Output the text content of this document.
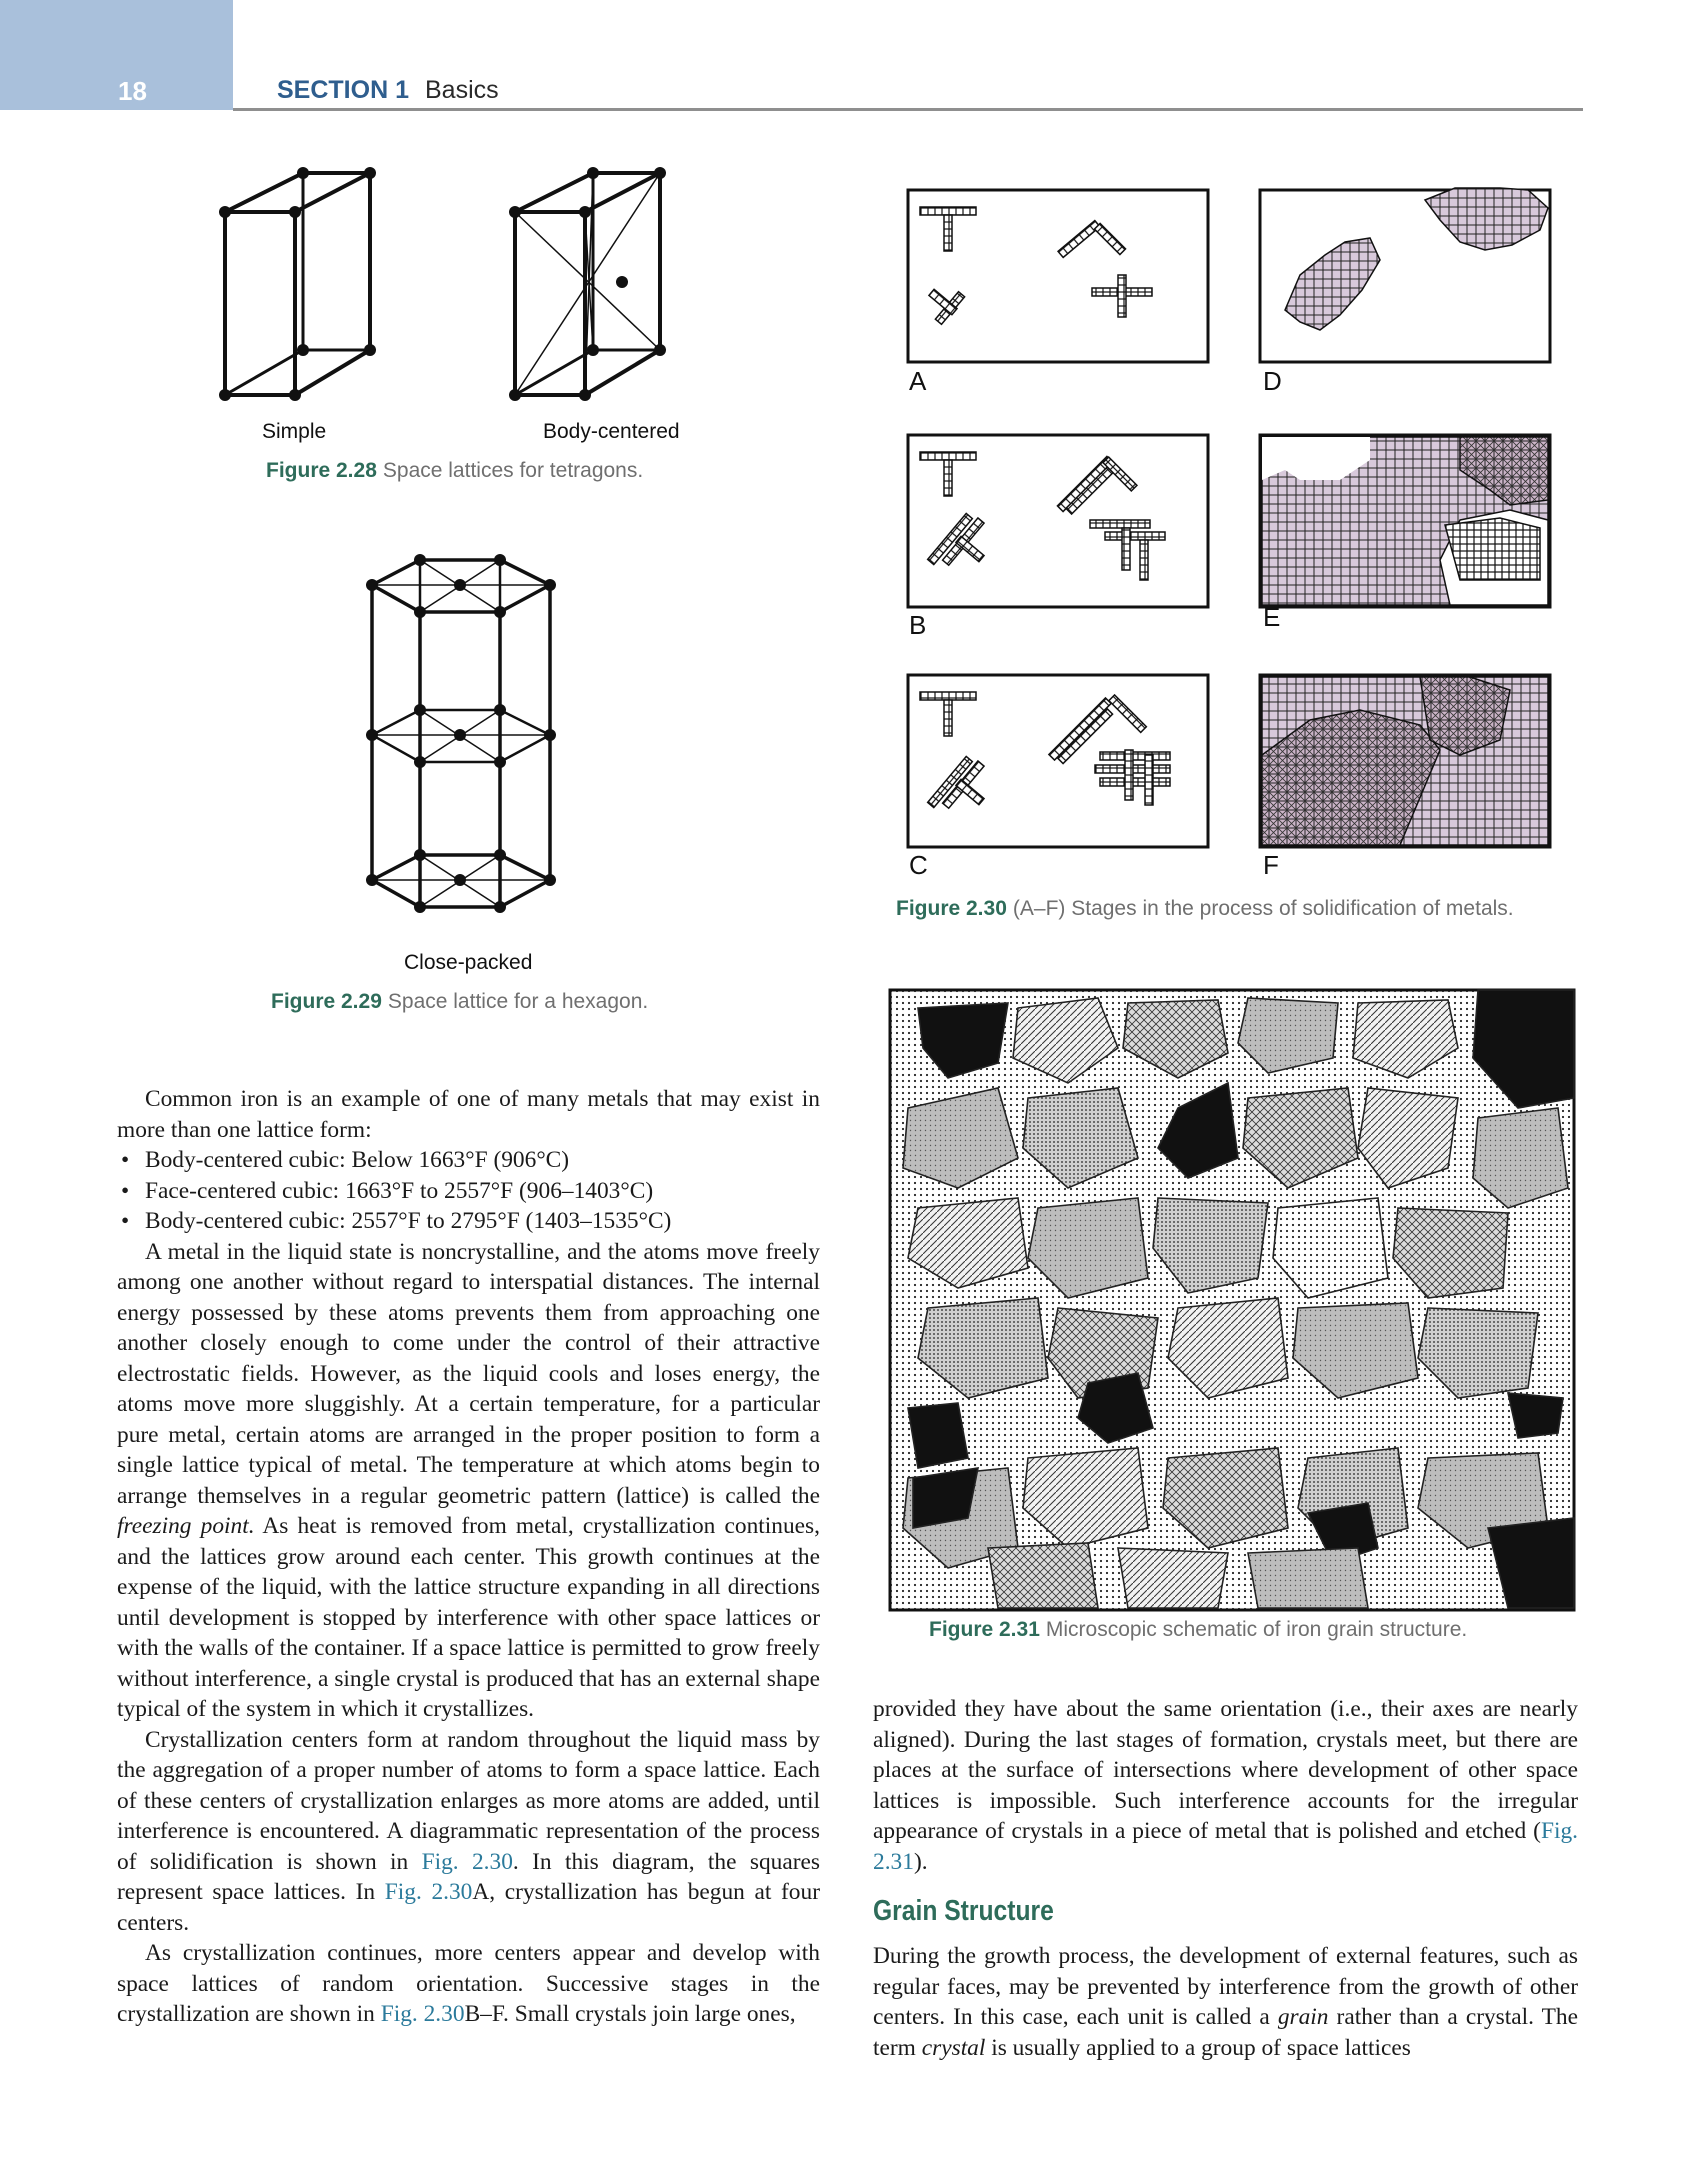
18	SECTION 1 Basics
Simple	Body-centered
Figure 2.28 Space lattices for tetragons.
Close-packed
Figure 2.29 Space lattice for a hexagon.
A
B
C
D
E
F
Figure 2.30 (A–F) Stages in the process of solidification of metals.
Figure 2.31 Microscopic schematic of iron grain structure.

Common iron is an example of one of many metals that may exist in more than one lattice form:

• Body-centered cubic: Below 1663°F (906°C)
• Face-centered cubic: 1663°F to 2557°F (906–1403°C)
• Body-centered cubic: 2557°F to 2795°F (1403–1535°C)

A metal in the liquid state is noncrystalline, and the atoms move freely among one another without regard to interspatial distances. The internal energy possessed by these atoms prevents them from approaching one another closely enough to come under the control of their attractive electrostatic fields. However, as the liquid cools and loses energy, the atoms move more sluggishly. At a certain temperature, for a particular pure metal, certain atoms are arranged in the proper position to form a single lattice typical of metal. The temperature at which atoms begin to arrange themselves in a regular geometric pattern (lattice) is called the freezing point. As heat is removed from metal, crystallization continues, and the lattices grow around each center. This growth continues at the expense of the liquid, with the lattice structure expanding in all directions until development is stopped by interference with other space lattices or with the walls of the container. If a space lattice is permitted to grow freely without interference, a single crystal is produced that has an external shape typical of the system in which it crystallizes.

Crystallization centers form at random throughout the liquid mass by the aggregation of a proper number of atoms to form a space lattice. Each of these centers of crystallization enlarges as more atoms are added, until interference is encountered. A diagrammatic representation of the process of solidification is shown in Fig. 2.30. In this diagram, the squares represent space lattices. In Fig. 2.30A, crystallization has begun at four centers.

As crystallization continues, more centers appear and develop with space lattices of random orientation. Successive stages in the crystallization are shown in Fig. 2.30B–F. Small crystals join large ones,

provided they have about the same orientation (i.e., their axes are nearly aligned). During the last stages of formation, crystals meet, but there are places at the surface of intersections where development of other space lattices is impossible. Such interference accounts for the irregular appearance of crystals in a piece of metal that is polished and etched (Fig. 2.31).

Grain Structure

During the growth process, the development of external features, such as regular faces, may be prevented by interference from the growth of other centers. In this case, each unit is called a grain rather than a crystal. The term crystal is usually applied to a group of space lattices
